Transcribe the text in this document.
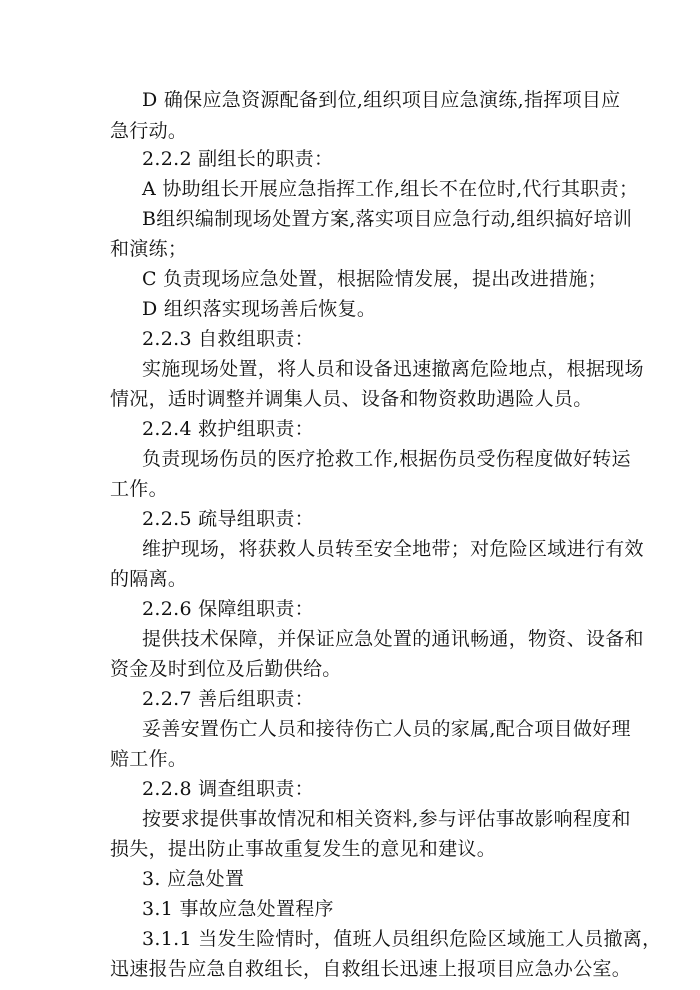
D 确保应急资源配备到位,组织项目应急演练,指挥项目应
急行动。
2.2.2 副组长的职责：
A 协助组长开展应急指挥工作,组长不在位时,代行其职责；
B组织编制现场处置方案,落实项目应急行动,组织搞好培训
和演练；
C 负责现场应急处置，根据险情发展，提出改进措施；
D 组织落实现场善后恢复。
2.2.3 自救组职责：
实施现场处置，将人员和设备迅速撤离危险地点，根据现场
情况，适时调整并调集人员、设备和物资救助遇险人员。
2.2.4 救护组职责：
负责现场伤员的医疗抢救工作,根据伤员受伤程度做好转运
工作。
2.2.5 疏导组职责：
维护现场，将获救人员转至安全地带；对危险区域进行有效
的隔离。
2.2.6 保障组职责：
提供技术保障，并保证应急处置的通讯畅通，物资、设备和
资金及时到位及后勤供给。
2.2.7 善后组职责：
妥善安置伤亡人员和接待伤亡人员的家属,配合项目做好理
赔工作。
2.2.8 调查组职责：
按要求提供事故情况和相关资料,参与评估事故影响程度和
损失，提出防止事故重复发生的意见和建议。
3. 应急处置
3.1 事故应急处置程序
3.1.1 当发生险情时，值班人员组织危险区域施工人员撤离，
迅速报告应急自救组长，自救组长迅速上报项目应急办公室。
